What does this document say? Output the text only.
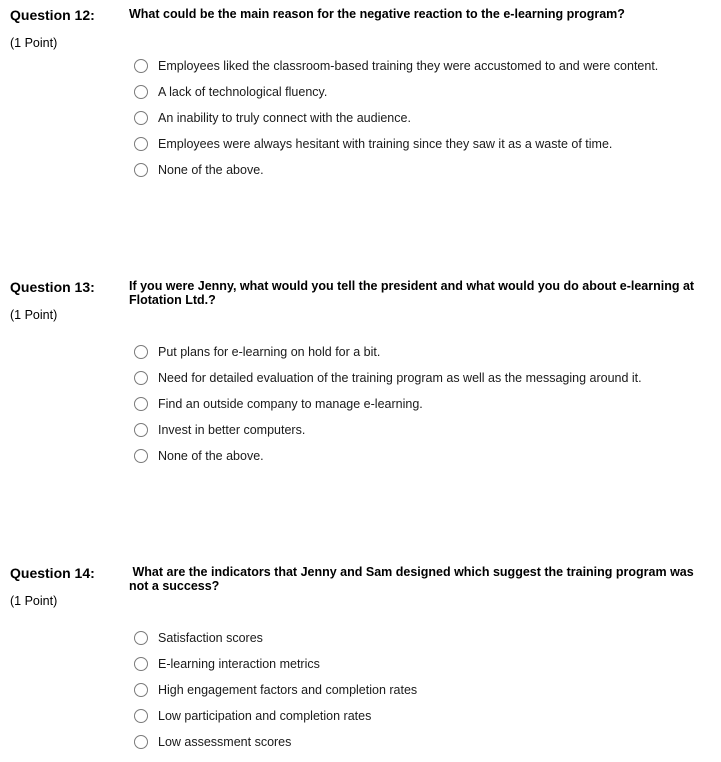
Question 12:
(1 Point)
What could be the main reason for the negative reaction to the e-learning program?
Employees liked the classroom-based training they were accustomed to and were content.
A lack of technological fluency.
An inability to truly connect with the audience.
Employees were always hesitant with training since they saw it as a waste of time.
None of the above.
Question 13:
(1 Point)
If you were Jenny, what would you tell the president and what would you do about e-learning at Flotation Ltd.?
Put plans for e-learning on hold for a bit.
Need for detailed evaluation of the training program as well as the messaging around it.
Find an outside company to manage e-learning.
Invest in better computers.
None of the above.
Question 14:
(1 Point)
What are the indicators that Jenny and Sam designed which suggest the training program was not a success?
Satisfaction scores
E-learning interaction metrics
High engagement factors and completion rates
Low participation and completion rates
Low assessment scores
